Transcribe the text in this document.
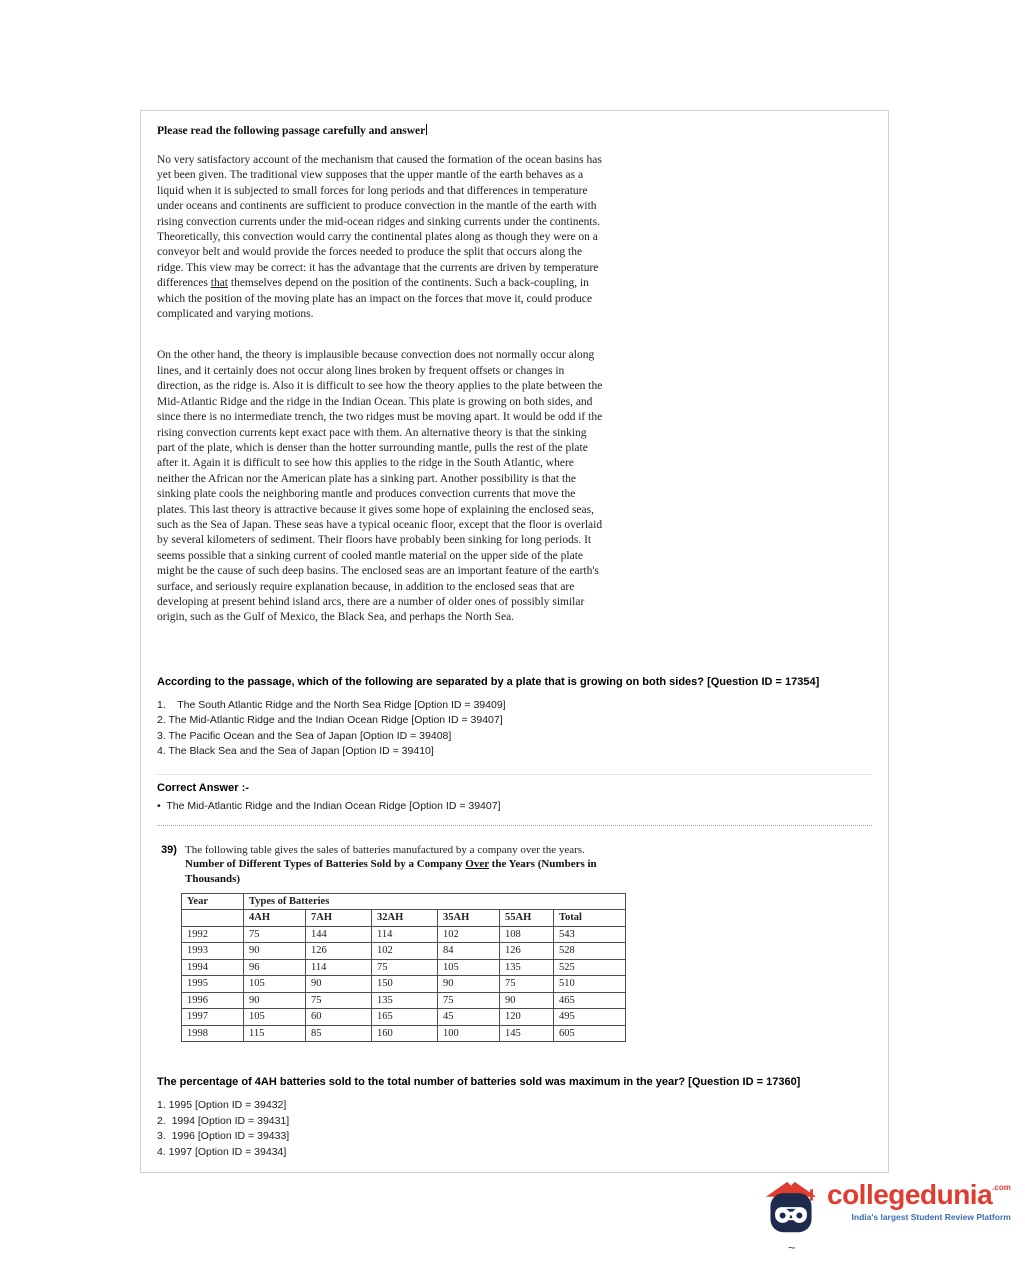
Please read the following passage carefully and answer

No very satisfactory account of the mechanism that caused the formation of the ocean basins has yet been given. The traditional view supposes that the upper mantle of the earth behaves as a liquid when it is subjected to small forces for long periods and that differences in temperature under oceans and continents are sufficient to produce convection in the mantle of the earth with rising convection currents under the mid-ocean ridges and sinking currents under the continents. Theoretically, this convection would carry the continental plates along as though they were on a conveyor belt and would provide the forces needed to produce the split that occurs along the ridge. This view may be correct: it has the advantage that the currents are driven by temperature differences that themselves depend on the position of the continents. Such a back-coupling, in which the position of the moving plate has an impact on the forces that move it, could produce complicated and varying motions.

On the other hand, the theory is implausible because convection does not normally occur along lines, and it certainly does not occur along lines broken by frequent offsets or changes in direction, as the ridge is. Also it is difficult to see how the theory applies to the plate between the Mid-Atlantic Ridge and the ridge in the Indian Ocean. This plate is growing on both sides, and since there is no intermediate trench, the two ridges must be moving apart. It would be odd if the rising convection currents kept exact pace with them. An alternative theory is that the sinking part of the plate, which is denser than the hotter surrounding mantle, pulls the rest of the plate after it. Again it is difficult to see how this applies to the ridge in the South Atlantic, where neither the African nor the American plate has a sinking part. Another possibility is that the sinking plate cools the neighboring mantle and produces convection currents that move the plates. This last theory is attractive because it gives some hope of explaining the enclosed seas, such as the Sea of Japan. These seas have a typical oceanic floor, except that the floor is overlaid by several kilometers of sediment. Their floors have probably been sinking for long periods. It seems possible that a sinking current of cooled mantle material on the upper side of the plate might be the cause of such deep basins. The enclosed seas are an important feature of the earth's surface, and seriously require explanation because, in addition to the enclosed seas that are developing at present behind island arcs, there are a number of older ones of possibly similar origin, such as the Gulf of Mexico, the Black Sea, and perhaps the North Sea.

According to the passage, which of the following are separated by a plate that is growing on both sides? [Question ID = 17354]

1.    The South Atlantic Ridge and the North Sea Ridge [Option ID = 39409]
2. The Mid-Atlantic Ridge and the Indian Ocean Ridge [Option ID = 39407]
3. The Pacific Ocean and the Sea of Japan [Option ID = 39408]
4. The Black Sea and the Sea of Japan [Option ID = 39410]

Correct Answer :-

•  The Mid-Atlantic Ridge and the Indian Ocean Ridge [Option ID = 39407]

39) The following table gives the sales of batteries manufactured by a company over the years.

Number of Different Types of Batteries Sold by a Company Over the Years (Numbers in Thousands)

Year	Types of Batteries					
	4AH	7AH	32AH	35AH	55AH	Total
1992	75	144	114	102	108	543
1993	90	126	102	84	126	528
1994	96	114	75	105	135	525
1995	105	90	150	90	75	510
1996	90	75	135	75	90	465
1997	105	60	165	45	120	495
1998	115	85	160	100	145	605

The percentage of 4AH batteries sold to the total number of batteries sold was maximum in the year? [Question ID = 17360]

1. 1995 [Option ID = 39432]
2.  1994 [Option ID = 39431]
3.  1996 [Option ID = 39433]
4. 1997 [Option ID = 39434]
collegedunia .com
India's largest Student Review Platform
~
